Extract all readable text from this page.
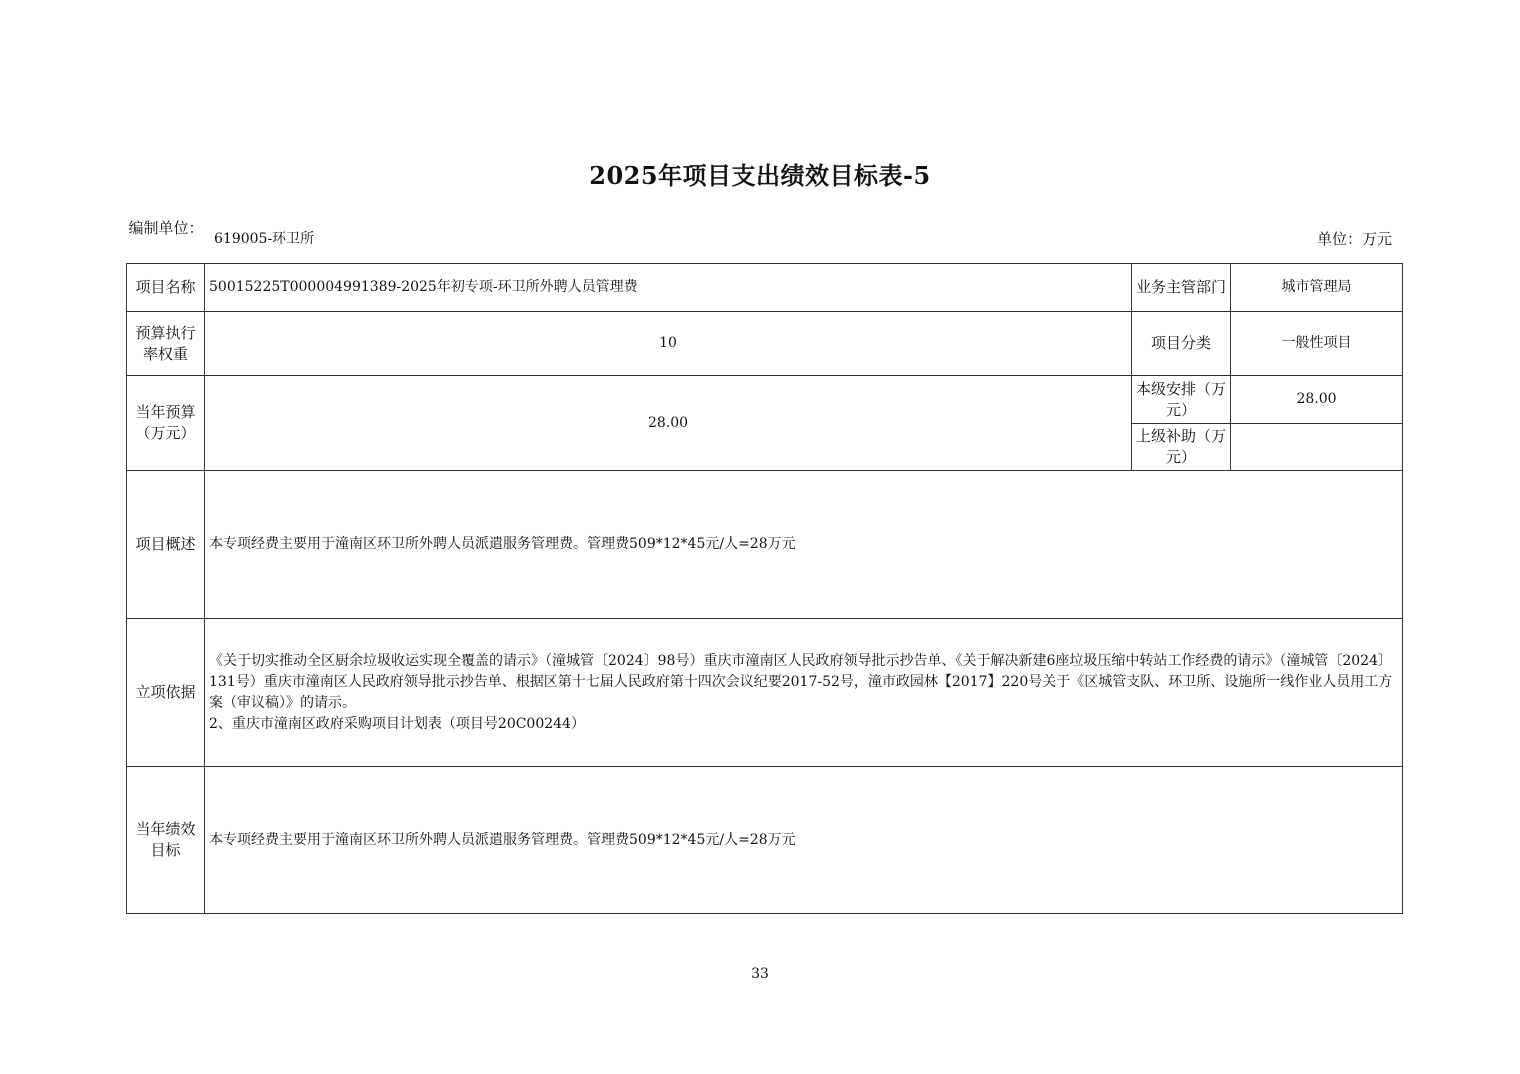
2025年项目支出绩效目标表-5
编制单位：
619005-环卫所	单位：万元
项目名称	50015225T000004991389-2025年初专项-环卫所外聘人员管理费	业务主管部门	城市管理局
预算执行率权重	10	项目分类	一般性项目
当年预算（万元）	28.00	本级安排（万元）	28.00
		上级补助（万元）	
项目概述	本专项经费主要用于潼南区环卫所外聘人员派遣服务管理费。管理费509*12*45元/人=28万元		
立项依据	《关于切实推动全区厨余垃圾收运实现全覆盖的请示》（潼城管〔2024〕98号）重庆市潼南区人民政府领导批示抄告单、《关于解决新建6座垃圾压缩中转站工作经费的请示》（潼城管〔2024〕131号）重庆市潼南区人民政府领导批示抄告单、根据区第十七届人民政府第十四次会议纪要2017-52号，潼市政园林【2017】220号关于《区城管支队、环卫所、设施所一线作业人员用工方案（审议稿）》的请示。

2、重庆市潼南区政府采购项目计划表（项目号20C00244）		

当年绩效目标	本专项经费主要用于潼南区环卫所外聘人员派遣服务管理费。管理费509*12*45元/人=28万元		
33
